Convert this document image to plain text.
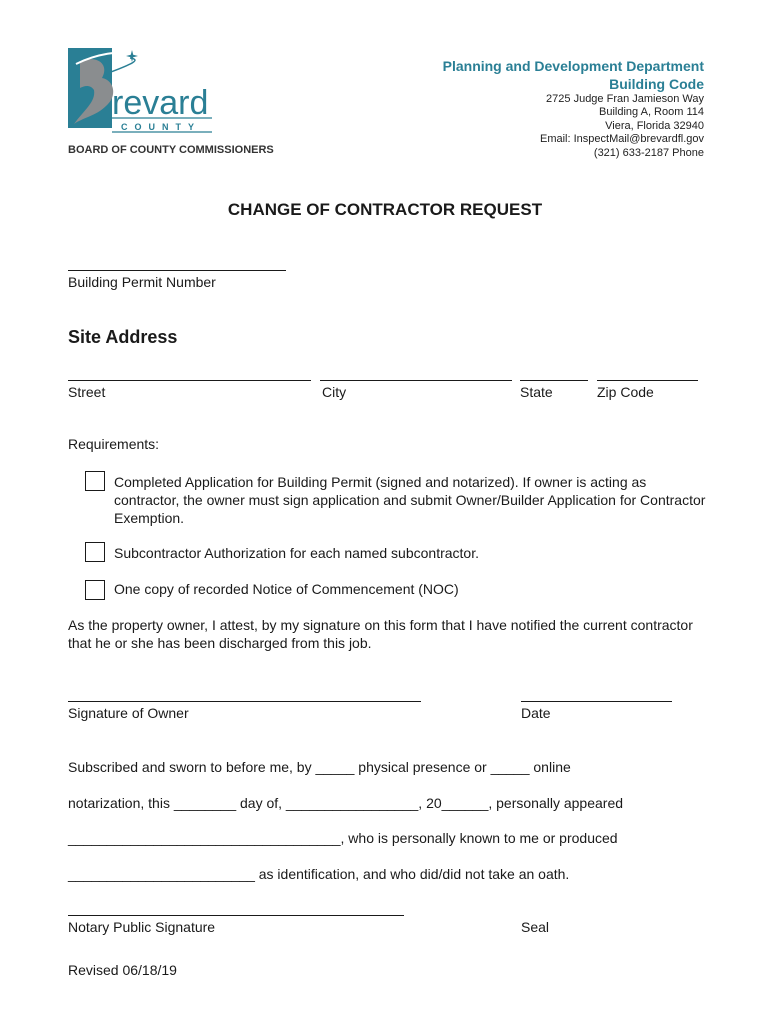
revard
COUNTY
BOARD OF COUNTY COMMISSIONERS
Planning and Development Department
Building Code
2725 Judge Fran Jamieson Way
Building A, Room 114
Viera, Florida 32940
Email: InspectMail@brevardfl.gov
(321) 633-2187 Phone
CHANGE OF CONTRACTOR REQUEST
Building Permit Number
Site Address
Street	City	State	Zip Code
Requirements:
Completed Application for Building Permit (signed and notarized). If owner is acting as contractor, the owner must sign application and submit Owner/Builder Application for Contractor Exemption.
Subcontractor Authorization for each named subcontractor.
One copy of recorded Notice of Commencement (NOC)
As the property owner, I attest, by my signature on this form that I have notified the current contractor that he or she has been discharged from this job.
Signature of Owner	Date
Subscribed and sworn to before me, by _____ physical presence or _____ online
notarization, this ________ day of, _________________, 20______, personally appeared
___________________________________, who is personally known to me or produced
________________________ as identification, and who did/did not take an oath.
Notary Public Signature	Seal
Revised 06/18/19
